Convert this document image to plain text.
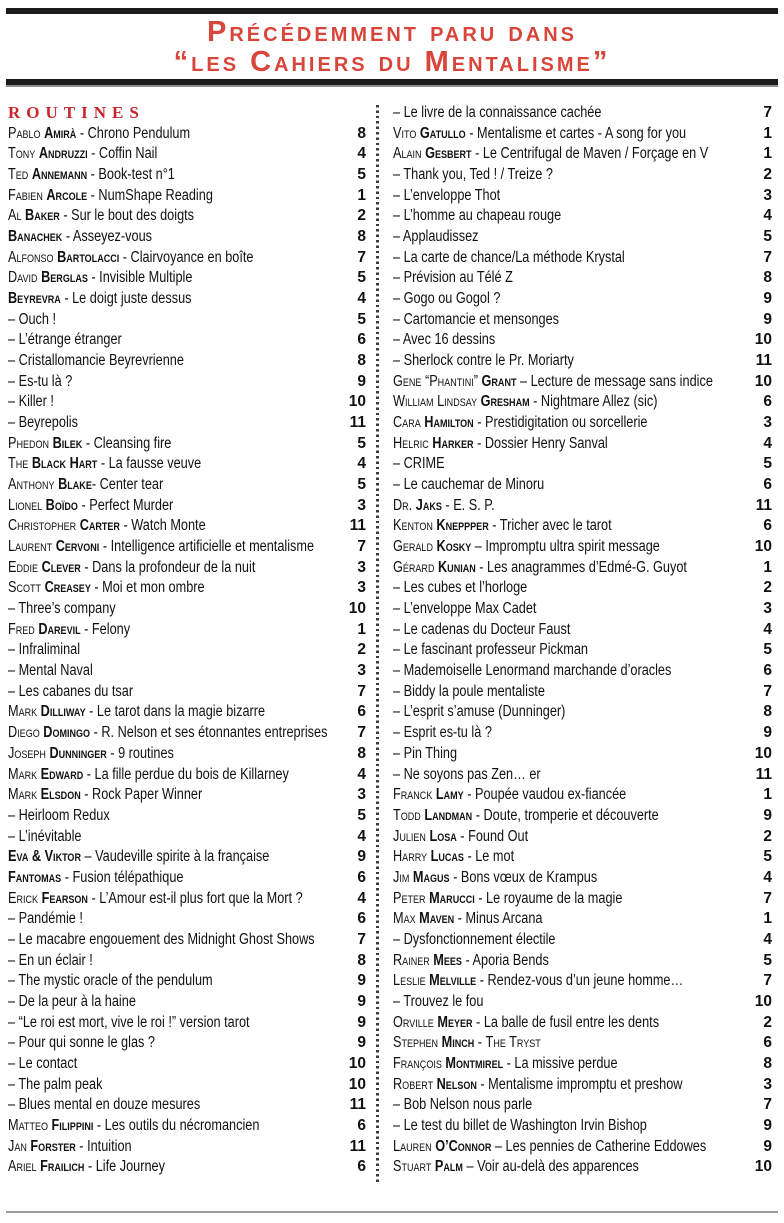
Précédemment paru dans
“les Cahiers du Mentalisme”
ROUTINES
Pablo Amirà - Chrono Pendulum	8
Tony Andruzzi - Coffin Nail	4
Ted Annemann - Book-test n°1	5
Fabien Arcole - NumShape Reading	1
Al Baker - Sur le bout des doigts	2
Banachek - Asseyez-vous	8
Alfonso Bartolacci - Clairvoyance en boîte	7
David Berglas - Invisible Multiple	5
Beyrevra - Le doigt juste dessus	4
– Ouch !	5
– L’étrange étranger	6
– Cristallomancie Beyrevrienne	8
– Es-tu là ?	9
– Killer !	10
– Beyrepolis	11
Phedon Bilek - Cleansing fire	5
The Black Hart - La fausse veuve	4
Anthony Blake- Center tear	5
Lionel Boïdo - Perfect Murder	3
Christopher Carter - Watch Monte	11
Laurent Cervoni - Intelligence artificielle et mentalisme	7
Eddie Clever - Dans la profondeur de la nuit	3
Scott Creasey - Moi et mon ombre	3
– Three’s company	10
Fred Darevil - Felony	1
– Infraliminal	2
– Mental Naval	3
– Les cabanes du tsar	7
Mark Dilliway - Le tarot dans la magie bizarre	6
Diego Domingo - R. Nelson et ses étonnantes entreprises 7
Joseph Dunninger - 9 routines	8
Mark Edward - La fille perdue du bois de Killarney	4
Mark Elsdon - Rock Paper Winner	3
– Heirloom Redux	5
– L’inévitable	4
Eva & Viktor – Vaudeville spirite à la française	9
Fantomas - Fusion télépathique	6
Erick Fearson - L’Amour est-il plus fort que la Mort ?	4
– Pandémie !	6
– Le macabre engouement des Midnight Ghost Shows	7
– En un éclair !	8
– The mystic oracle of the pendulum	9
– De la peur à la haine	9
– “Le roi est mort, vive le roi !” version tarot	9
– Pour qui sonne le glas ?	9
– Le contact	10
– The palm peak	10
– Blues mental en douze mesures	11
Matteo Filippini - Les outils du nécromancien	6
Jan Forster - Intuition	11
Ariel Frailich - Life Journey	6
– Le livre de la connaissance cachée	7
Vito Gatullo - Mentalisme et cartes - A song for you	1
Alain Gesbert - Le Centrifugal de Maven / Forçage en V	1
– Thank you, Ted ! / Treize ?	2
– L’enveloppe Thot	3
– L’homme au chapeau rouge	4
– Applaudissez	5
– La carte de chance/La méthode Krystal	7
– Prévision au Télé Z	8
– Gogo ou Gogol ?	9
– Cartomancie et mensonges	9
– Avec 16 dessins	10
– Sherlock contre le Pr. Moriarty	11
Gene “Phantini” Grant – Lecture de message sans indice	10
William Lindsay Gresham - Nightmare Allez (sic)	6
Cara Hamilton - Prestidigitation ou sorcellerie	3
Helric Harker - Dossier Henry Sanval	4
– CRIME	5
– Le cauchemar de Minoru	6
Dr. Jaks - E. S. P.	11
Kenton Kneppper - Tricher avec le tarot	6
Gerald Kosky – Impromptu ultra spirit message	10
Gérard Kunian - Les anagrammes d’Edmé-G. Guyot	1
– Les cubes et l’horloge	2
– L’enveloppe Max Cadet	3
– Le cadenas du Docteur Faust	4
– Le fascinant professeur Pickman	5
– Mademoiselle Lenormand marchande d’oracles	6
– Biddy la poule mentaliste	7
– L’esprit s’amuse (Dunninger)	8
– Esprit es-tu là ?	9
– Pin Thing	10
– Ne soyons pas Zen… er	11
Franck Lamy - Poupée vaudou ex-fiancée	1
Todd Landman - Doute, tromperie et découverte	9
Julien Losa - Found Out	2
Harry Lucas - Le mot	5
Jim Magus - Bons vœux de Krampus	4
Peter Marucci - Le royaume de la magie	7
Max Maven - Minus Arcana	1
– Dysfonctionnement électile	4
Rainer Mees - Aporia Bends	5
Leslie Melville - Rendez-vous d’un jeune homme…	7
– Trouvez le fou	10
Orville Meyer - La balle de fusil entre les dents	2
Stephen Minch - The Tryst	6
François Montmirel - La missive perdue	8
Robert Nelson - Mentalisme impromptu et preshow	3
– Bob Nelson nous parle	7
– Le test du billet de Washington Irvin Bishop	9
Lauren O’Connor – Les pennies de Catherine Eddowes	9
Stuart Palm – Voir au-delà des apparences	10
